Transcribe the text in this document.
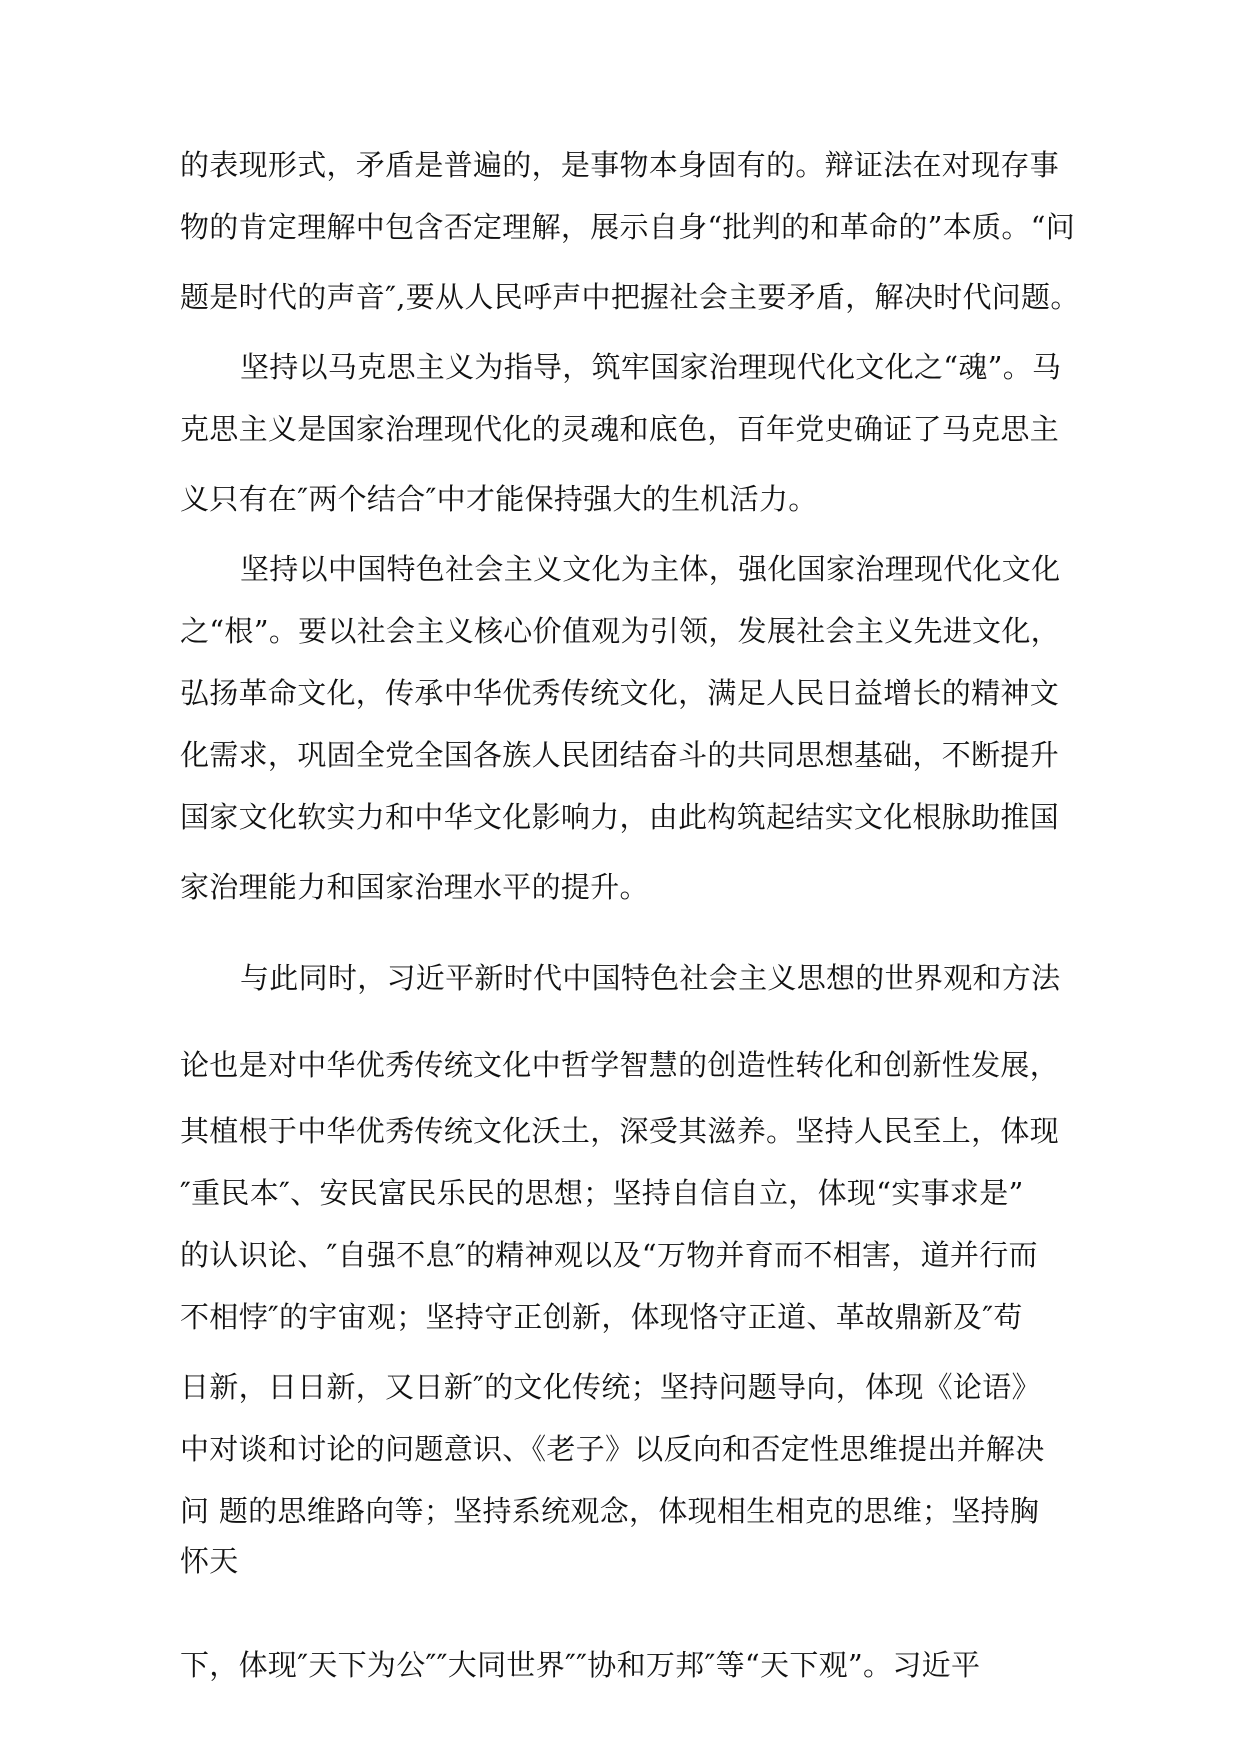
的表现形式，矛盾是普遍的，是事物本身固有的。辩证法在对现存事
物的肯定理解中包含否定理解，展示自身“批判的和革命的”本质。“问
题是时代的声音″,要从人民呼声中把握社会主要矛盾，解决时代问题。
坚持以马克思主义为指导，筑牢国家治理现代化文化之“魂”。马
克思主义是国家治理现代化的灵魂和底色，百年党史确证了马克思主
义只有在″两个结合″中才能保持强大的生机活力。
坚持以中国特色社会主义文化为主体，强化国家治理现代化文化
之“根”。要以社会主义核心价值观为引领，发展社会主义先进文化，
弘扬革命文化，传承中华优秀传统文化，满足人民日益增长的精神文
化需求，巩固全党全国各族人民团结奋斗的共同思想基础，不断提升
国家文化软实力和中华文化影响力，由此构筑起结实文化根脉助推国
家治理能力和国家治理水平的提升。
与此同时，习近平新时代中国特色社会主义思想的世界观和方法
论也是对中华优秀传统文化中哲学智慧的创造性转化和创新性发展，
其植根于中华优秀传统文化沃土，深受其滋养。坚持人民至上，体现
″重民本″、安民富民乐民的思想；坚持自信自立，体现“实事求是”
的认识论、″自强不息″的精神观以及“万物并育而不相害，道并行而
不相悖″的宇宙观；坚持守正创新，体现恪守正道、革故鼎新及″苟
日新，日日新，又日新″的文化传统；坚持问题导向，体现《论语》
中对谈和讨论的问题意识、《老子》以反向和否定性思维提出并解决
问 题的思维路向等；坚持系统观念，体现相生相克的思维；坚持胸
怀天
下，体现″天下为公″″大同世界″″协和万邦″等“天下观”。习近平
